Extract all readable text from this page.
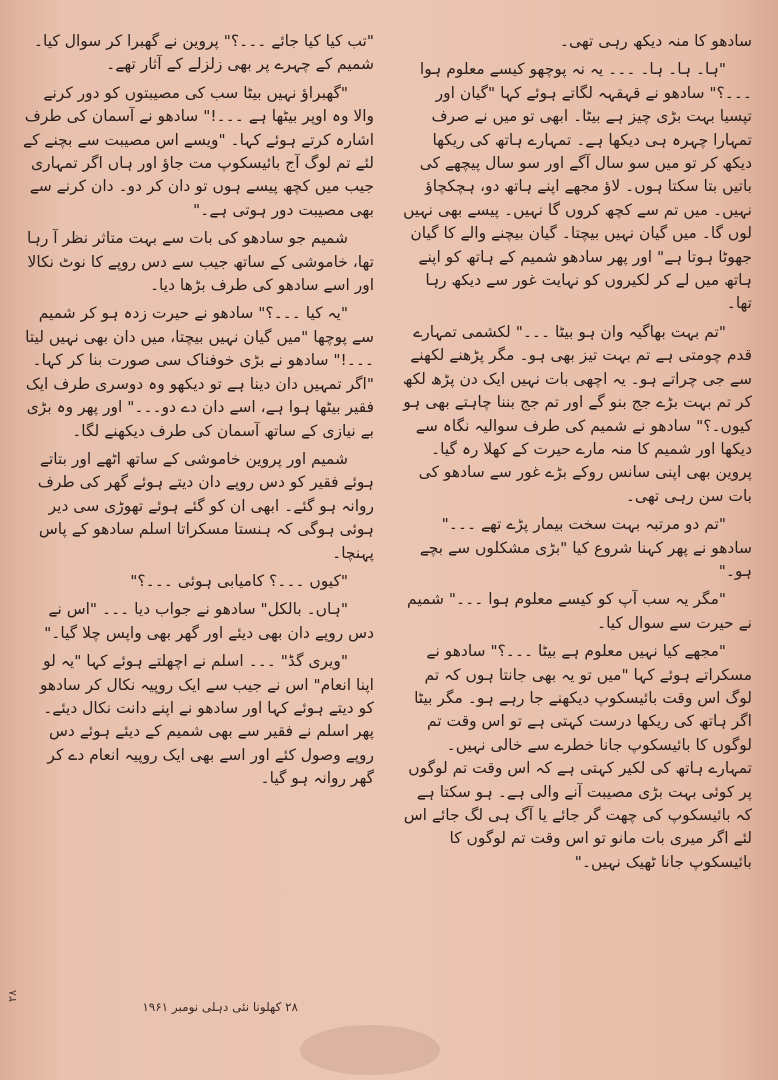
سادھو کا منہ دیکھ رہی تھی۔

"ہا۔ ہا۔ ہا۔ ۔۔۔ یہ نہ پوچھو کیسے معلوم ہوا ۔۔۔؟" سادھو نے قہقہہ لگاتے ہوئے کہا "گیان اور تپسیا بہت بڑی چیز ہے بیٹا۔ ابھی تو میں نے صرف تمہارا چہرہ ہی دیکھا ہے۔ تمہارے ہاتھ کی ریکھا دیکھ کر تو میں سو سال آگے اور سو سال پیچھے کی باتیں بتا سکتا ہوں۔ لاؤ مجھے اپنے ہاتھ دو، ہچکچاؤ نہیں۔ میں تم سے کچھ کروں گا نہیں۔ پیسے بھی نہیں لوں گا۔ میں گیان نہیں بیچتا۔ گیان بیچنے والے کا گیان جھوٹا ہوتا ہے" اور پھر سادھو شمیم کے ہاتھ کو اپنے ہاتھ میں لے کر لکیروں کو نہایت غور سے دیکھ رہا تھا۔

"تم بہت بھاگیہ وان ہو بیٹا ۔۔۔" لکشمی تمہارے قدم چومتی ہے تم بہت تیز بھی ہو۔ مگر پڑھنے لکھنے سے جی چراتے ہو۔ یہ اچھی بات نہیں ایک دن پڑھ لکھ کر تم بہت بڑے جج بنو گے اور تم جج بننا چاہتے بھی ہو کیوں۔؟" سادھو نے شمیم کی طرف سوالیہ نگاہ سے دیکھا اور شمیم کا منہ مارے حیرت کے کھلا رہ گیا۔ پروین بھی اپنی سانس روکے بڑے غور سے سادھو کی بات سن رہی تھی۔

"تم دو مرتبہ بہت سخت بیمار پڑے تھے ۔۔۔" سادھو نے پھر کہنا شروع کیا "بڑی مشکلوں سے بچے ہو۔"

"مگر یہ سب آپ کو کیسے معلوم ہوا ۔۔۔" شمیم نے حیرت سے سوال کیا۔

"مجھے کیا نہیں معلوم ہے بیٹا ۔۔۔؟" سادھو نے مسکراتے ہوئے کہا "میں تو یہ بھی جانتا ہوں کہ تم لوگ اس وقت بائیسکوپ دیکھنے جا رہے ہو۔ مگر بیٹا اگر ہاتھ کی ریکھا درست کہتی ہے تو اس وقت تم لوگوں کا بائیسکوپ جانا خطرے سے خالی نہیں۔ تمہارے ہاتھ کی لکیر کہتی ہے کہ اس وقت تم لوگوں پر کوئی بہت بڑی مصیبت آنے والی ہے۔ ہو سکتا ہے کہ بائیسکوپ کی چھت گر جائے یا آگ ہی لگ جائے اس لئے اگر میری بات مانو تو اس وقت تم لوگوں کا بائیسکوپ جانا ٹھیک نہیں۔"

"تب کیا کیا جائے ۔۔۔؟" پروین نے گھبرا کر سوال کیا۔ شمیم کے چہرے پر بھی زلزلے کے آثار تھے۔

"گھبراؤ نہیں بیٹا سب کی مصیبتوں کو دور کرنے والا وہ اوپر بیٹھا ہے ۔۔۔!" سادھو نے آسمان کی طرف اشارہ کرتے ہوئے کہا۔ "ویسے اس مصیبت سے بچنے کے لئے تم لوگ آج بائیسکوپ مت جاؤ اور ہاں اگر تمہاری جیب میں کچھ پیسے ہوں تو دان کر دو۔ دان کرنے سے بھی مصیبت دور ہوتی ہے۔"

شمیم جو سادھو کی بات سے بہت متاثر نظر آ رہا تھا، خاموشی کے ساتھ جیب سے دس روپے کا نوٹ نکالا اور اسے سادھو کی طرف بڑھا دیا۔

"یہ کیا ۔۔۔؟" سادھو نے حیرت زدہ ہو کر شمیم سے پوچھا "میں گیان نہیں بیچتا، میں دان بھی نہیں لیتا ۔۔۔!" سادھو نے بڑی خوفناک سی صورت بنا کر کہا۔ "اگر تمہیں دان دینا ہے تو دیکھو وہ دوسری طرف ایک فقیر بیٹھا ہوا ہے، اسے دان دے دو۔۔۔" اور پھر وہ بڑی بے نیازی کے ساتھ آسمان کی طرف دیکھنے لگا۔

شمیم اور پروین خاموشی کے ساتھ اٹھے اور بتاتے ہوئے فقیر کو دس روپے دان دیتے ہوئے گھر کی طرف روانہ ہو گئے۔ ابھی ان کو گئے ہوئے تھوڑی سی دیر ہوئی ہوگی کہ ہنستا مسکراتا اسلم سادھو کے پاس پہنچا۔

"کیوں ۔۔۔؟ کامیابی ہوئی ۔۔۔؟"

"ہاں۔ بالکل" سادھو نے جواب دیا ۔۔۔ "اس نے دس روپے دان بھی دیئے اور گھر بھی واپس چلا گیا۔"

"ویری گڈ" ۔۔۔ اسلم نے اچھلتے ہوئے کہا "یہ لو اپنا انعام" اس نے جیب سے ایک روپیہ نکال کر سادھو کو دیتے ہوئے کہا اور سادھو نے اپنے دانت نکال دیئے۔ پھر اسلم نے فقیر سے بھی شمیم کے دیئے ہوئے دس روپے وصول کئے اور اسے بھی ایک روپیہ انعام دے کر گھر روانہ ہو گیا۔

۲۸ کھلونا نئی دہلی نومبر ۱۹۶۱
۲۸
